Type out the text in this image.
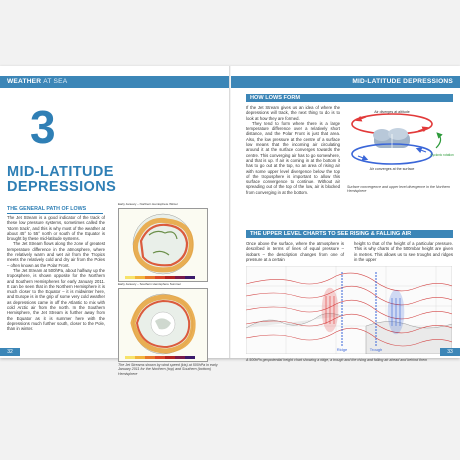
WEATHER AT SEA
3
MID-LATITUDE
DEPRESSIONS
THE GENERAL PATH OF LOWS

The Jet Stream is a good indicator of the track of these low pressure systems, sometimes called the 'storm track', and this is why most of the weather at about 45° to 55° north or south of the Equator is brought by these mid-latitude systems.

The Jet Stream flows along the zone of greatest temperature difference in the atmosphere, where the relatively warm and wet air from the Tropics meets the relatively cold and dry air from the Poles – often known as the Polar Front.

The Jet Stream at 500hPa, about halfway up the troposphere, is shown opposite for the Northern and Southern Hemispheres for early January 2011. It can be seen that in the Northern Hemisphere it is much closer to the Equator – it is midwinter here, and Europe is in the grip of some very cold weather as depressions came in off the Atlantic to mix with cold Arctic air from the north. In the Southern Hemisphere, the Jet Stream is further away from the Equator as it is summer here with the depressions much further south, closer to the Pole, than in winter.

Early January – Northern Hemisphere Winter
Early January – Southern Hemisphere Summer
The Jet Streams shown by wind speed (kts) at 500hPa in early January 2011 for the Northern (top) and Southern (bottom) Hemisphere
32
MID-LATITUDE DEPRESSIONS
HOW LOWS FORM

If the Jet Stream gives us an idea of where the depressions will track, the next thing to do is to look at how they are formed.

They tend to form where there is a large temperature difference over a relatively short distance, and the Polar Front is just that area. Also, the low pressure at the centre of a surface low means that the incoming air circulating around it at the surface converges towards the centre. This converging air has to go somewhere, and that is up. If air is coming in at the bottom it has to go out at the top, so an area of rising air with some upper level divergence below the top of the troposphere is important to allow this surface convergence to continue. Without air spreading out of the top of the low, air is blocked from converging in at the bottom.

Air diverges at altitude
Air converges at the surface
Cyclonic rotation
Surface convergence and upper level divergence in the Northern Hemisphere
THE UPPER LEVEL CHARTS TO SEE RISING & FALLING AIR

Once above the surface, where the atmosphere is described in terms of lines of equal pressure – isobars – the description changes from one of pressure at a certain

height to that of the height of a particular pressure. This is why charts of the 500mbar height are given in metres. This allows us to see troughs and ridges in the upper

Ridge	Trough
A 500hPa geopotential height chart showing a ridge, a trough and the rising and falling air ahead and behind them
33
